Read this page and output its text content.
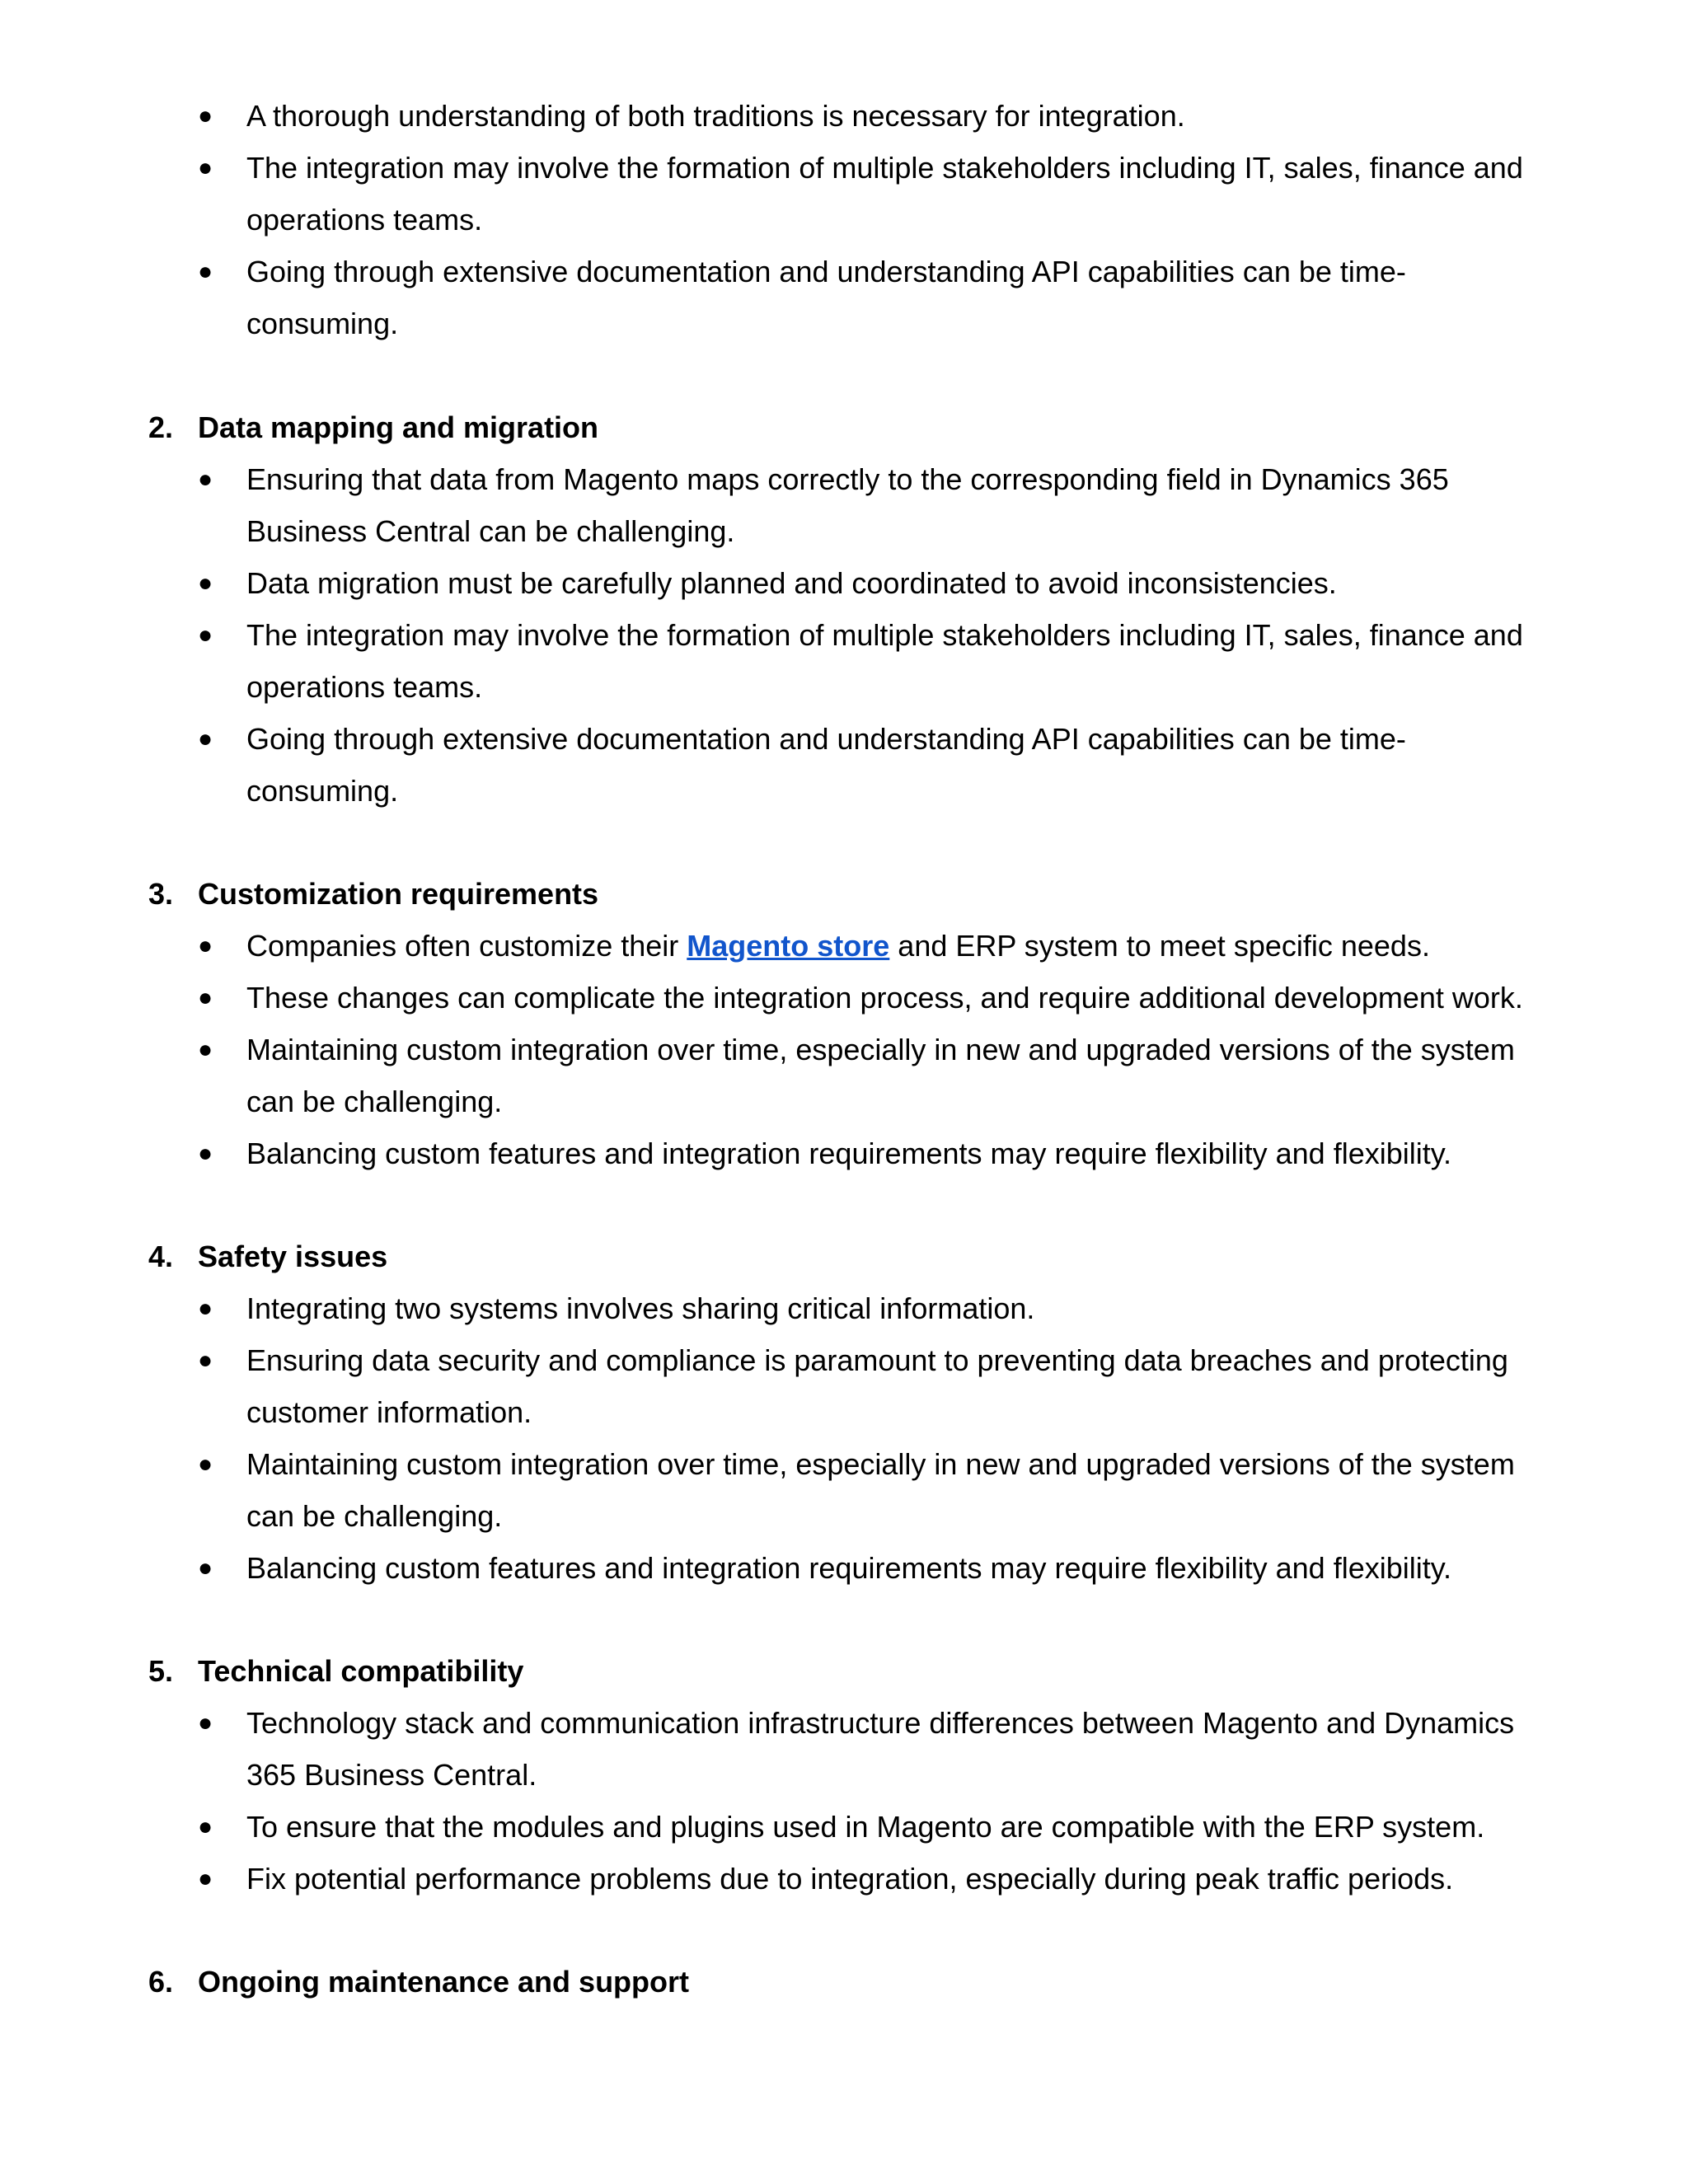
● A thorough understanding of both traditions is necessary for integration.
● The integration may involve the formation of multiple stakeholders including IT, sales, finance and operations teams.
● Going through extensive documentation and understanding API capabilities can be time-consuming.
2. Data mapping and migration
● Ensuring that data from Magento maps correctly to the corresponding field in Dynamics 365 Business Central can be challenging.
● Data migration must be carefully planned and coordinated to avoid inconsistencies.
● The integration may involve the formation of multiple stakeholders including IT, sales, finance and operations teams.
● Going through extensive documentation and understanding API capabilities can be time-consuming.
3. Customization requirements
● Companies often customize their Magento store and ERP system to meet specific needs.
● These changes can complicate the integration process, and require additional development work.
● Maintaining custom integration over time, especially in new and upgraded versions of the system can be challenging.
● Balancing custom features and integration requirements may require flexibility and flexibility.
4. Safety issues
● Integrating two systems involves sharing critical information.
● Ensuring data security and compliance is paramount to preventing data breaches and protecting customer information.
● Maintaining custom integration over time, especially in new and upgraded versions of the system can be challenging.
● Balancing custom features and integration requirements may require flexibility and flexibility.
5. Technical compatibility
● Technology stack and communication infrastructure differences between Magento and Dynamics 365 Business Central.
● To ensure that the modules and plugins used in Magento are compatible with the ERP system.
● Fix potential performance problems due to integration, especially during peak traffic periods.
6. Ongoing maintenance and support
